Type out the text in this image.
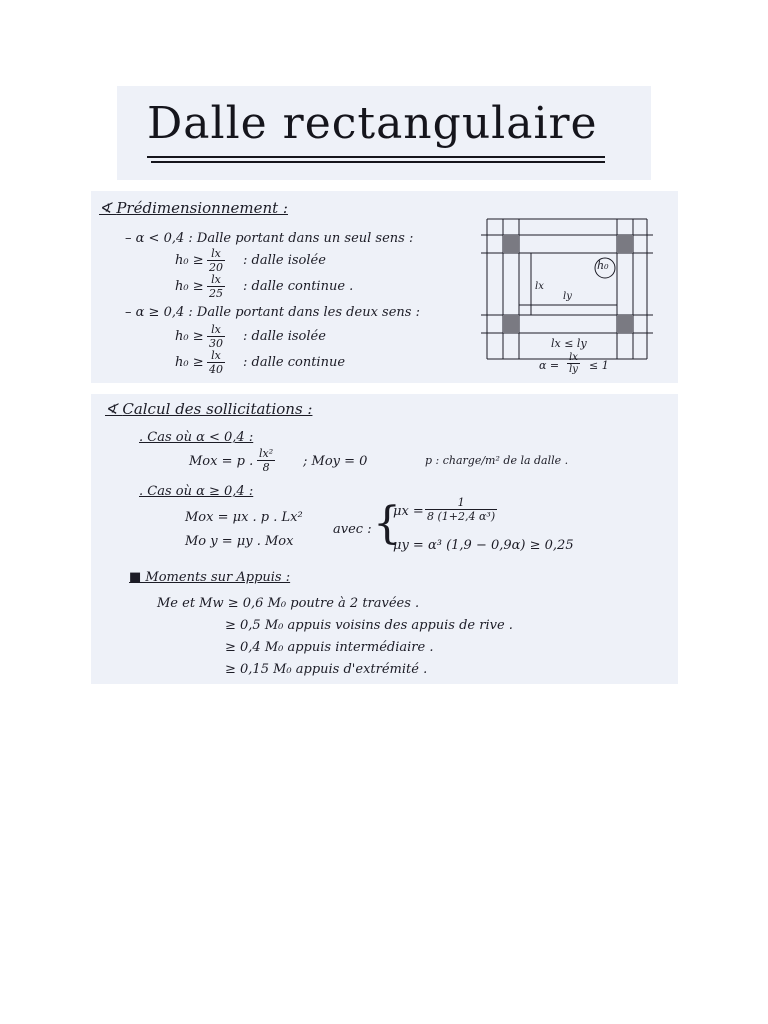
Dalle rectangulaire
∢ Prédimensionnement :
– α < 0,4 : Dalle portant dans un seul sens :
$h_0 \ge \frac{lx}{20}$ : dalle isolée
$h_0 \ge \frac{lx}{25}$ : dalle continue .
– α ≥ 0,4 : Dalle portant dans les deux sens :
$h_0 \ge \frac{lx}{30}$ : dalle isolée
$h_0 \ge \frac{lx}{40}$ : dalle continue
h₀
lx
ly
lx ≤ ly
$\alpha = \frac{lx}{ly} \le 1$
∢ Calcul des sollicitations :
. Cas où α < 0,4 :
Mox = p . $\frac{\text{lx²}}{8}$ ; Moy = 0	p : charge/m² de la dalle .
. Cas où α ≥ 0,4 :
Mox = μx . p . Lx²
Mo y = μy . Mox
avec : {
$\mu x = \frac{1}{\text{8 (1+2,4 α³)}}$
μy = α³ (1,9 − 0,9α) ≥ 0,25
■ Moments sur Appuis :
Me et Mw ≥ 0,6 M₀ poutre à 2 travées .
≥ 0,5 M₀ appuis voisins des appuis de rive .
≥ 0,4 M₀ appuis intermédiaire .
≥ 0,15 M₀ appuis d'extrémité .
